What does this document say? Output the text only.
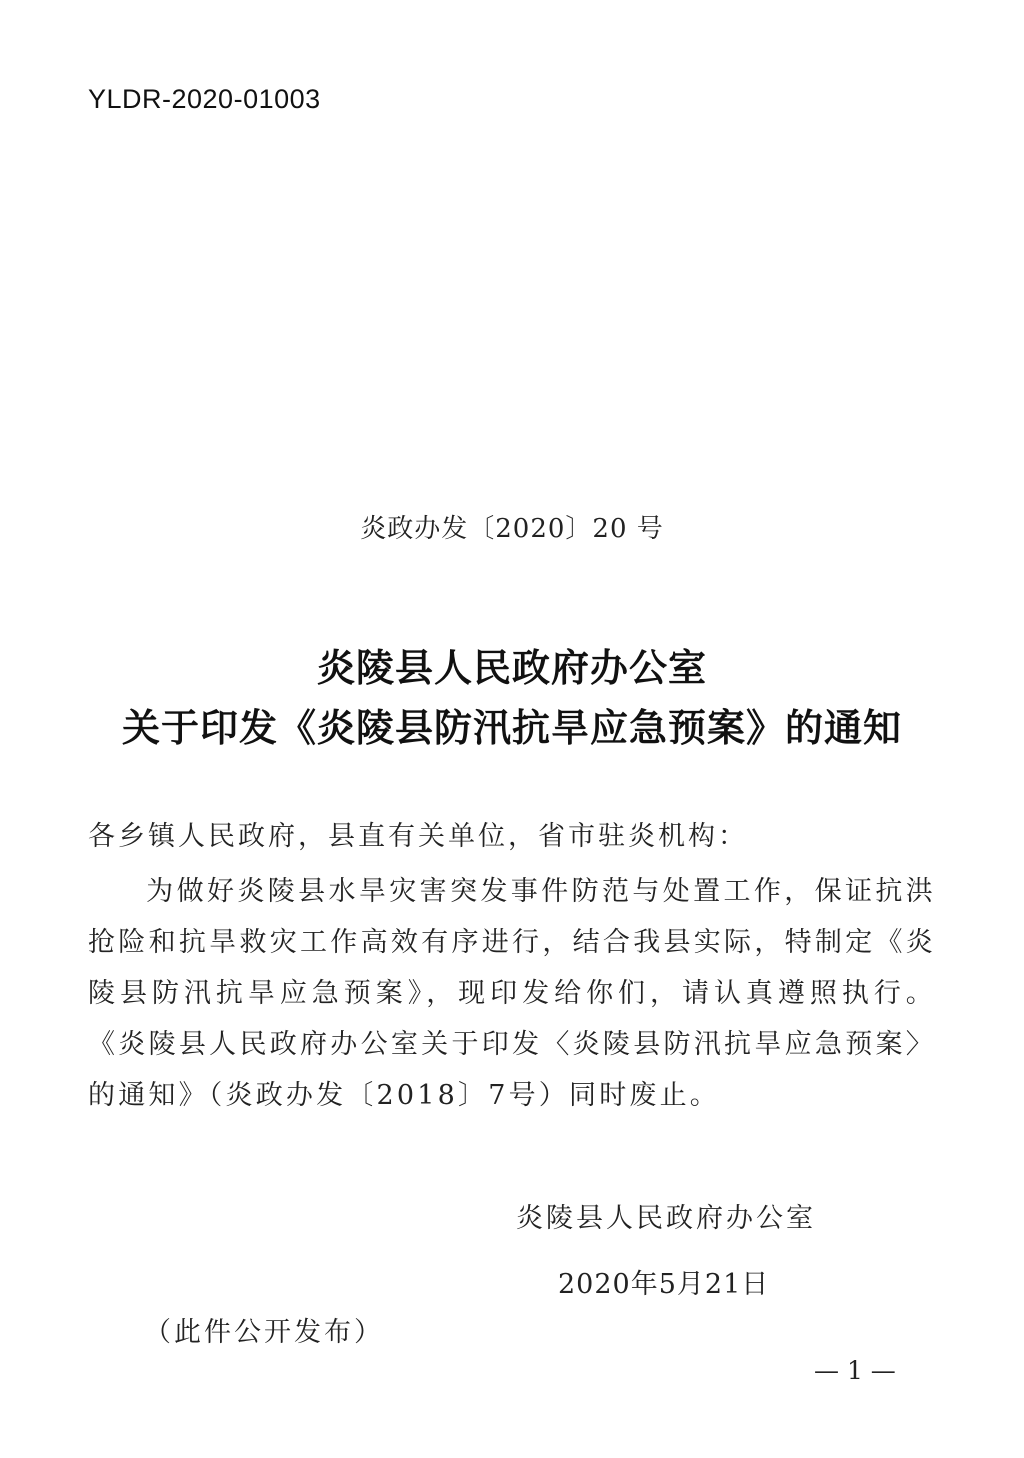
YLDR-2020-01003
炎政办发〔2020〕20 号
炎陵县人民政府办公室
关于印发《炎陵县防汛抗旱应急预案》的通知
各乡镇人民政府，县直有关单位，省市驻炎机构：
为做好炎陵县水旱灾害突发事件防范与处置工作，保证抗洪抢险和抗旱救灾工作高效有序进行，结合我县实际，特制定《炎陵县防汛抗旱应急预案》，现印发给你们，请认真遵照执行。《炎陵县人民政府办公室关于印发〈炎陵县防汛抗旱应急预案〉的通知》（炎政办发〔2018〕7号）同时废止。
炎陵县人民政府办公室
2020年5月21日
（此件公开发布）
— 1 —
